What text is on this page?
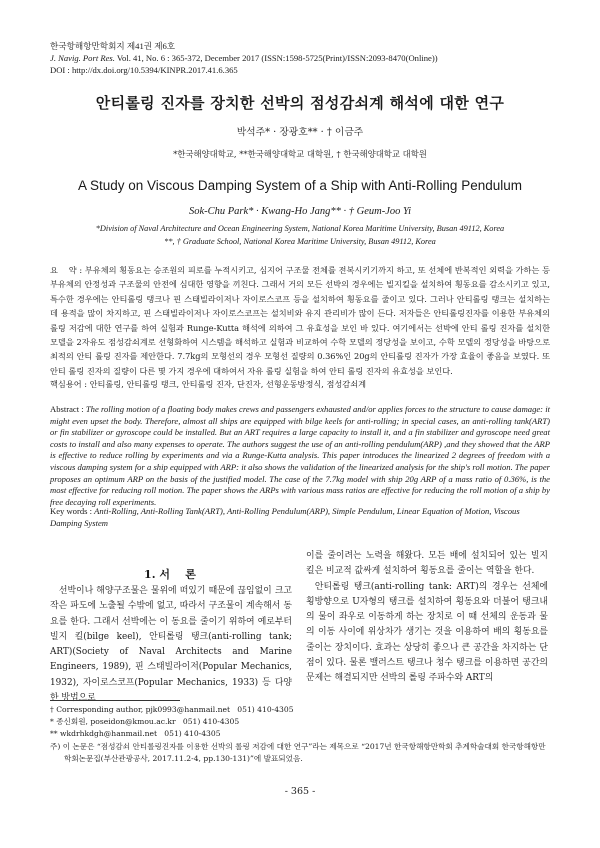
한국항해항만학회지 제41권 제6호
J. Navig. Port Res. Vol. 41, No. 6 : 365-372, December 2017 (ISSN:1598-5725(Print)/ISSN:2093-8470(Online))
DOI : http://dx.doi.org/10.5394/KINPR.2017.41.6.365
안티롤링 진자를 장치한 선박의 점성감쇠계 해석에 대한 연구
박석주* · 장광호** · † 이금주
*한국해양대학교, **한국해양대학교 대학원, † 한국해양대학교 대학원
A Study on Viscous Damping System of a Ship with Anti-Rolling Pendulum
Sok-Chu Park* · Kwang-Ho Jang** · † Geum-Joo Yi
*Division of Naval Architecture and Ocean Engineering System, National Korea Maritime University, Busan 49112, Korea
**, † Graduate School, National Korea Maritime University, Busan 49112, Korea
요    약 : 부유체의 횡동요는 승조원의 피로를 누적시키고, 심지어 구조물 전체를 전복시키기까지 하고, 또 선체에 반복적인 외력을 가하는 등 부유체의 안정성과 구조물의 안전에 심대한 영향을 끼친다. 그래서 거의 모든 선박의 경우에는 빌지킬을 설치하여 횡동요를 감소시키고 있고, 특수한 경우에는 안티롤링 탱크나 핀 스태빌라이저나 자이로스코프 등을 설치하여 횡동요를 줄이고 있다. 그러나 안티롤링 탱크는 설치하는데 용적을 많이 차지하고, 핀 스태빌라이저나 자이로스코프는 설치비와 유지 관리비가 많이 든다. 저자들은 안티롤링진자를 이용한 부유체의 롤링 저감에 대한 연구를 하여 실험과 Runge-Kutta 해석에 의하여 그 유효성을 보인 바 있다. 여기에서는 선박에 안티 롤링 진자를 설치한 모델을 2자유도 점성감쇠계로 선형화하여 시스템을 해석하고 실험과 비교하여 수학 모델의 정당성을 보이고, 수학 모델의 정당성을 바탕으로 최적의 안티 롤링 진자를 제안한다. 7.7kg의 모형선의 경우 모형선 질량의 0.36%인 20g의 안티롤링 진자가 가장 효율이 좋음을 보였다. 또 안티 롤링 진자의 질량이 다른 몇 가지 경우에 대하여서 자유 롤링 실험을 하여 안티 롤링 진자의 유효성을 보인다.
핵심용어 : 안티롤링, 안티롤링 탱크, 안티롤링 진자, 단진자, 선형운동방정식, 점성감쇠계
Abstract : The rolling motion of a floating body makes crews and passengers exhausted and/or applies forces to the structure to cause damage: it might even upset the body. Therefore, almost all ships are equipped with bilge keels for anti-rolling; in special cases, an anti-rolling tank(ART) or fin stabilizer or gyroscope could be installed. But an ART requires a large capacity to install it, and a fin stabilizer and gyroscope need great costs to install and also many expenses to operate. The authors suggest the use of an anti-rolling pendulum(ARP) ,and they showed that the ARP is effective to reduce rolling by experiments and via a Runge-Kutta analysis. This paper introduces the linearized 2 degrees of freedom with a viscous damping system for a ship equipped with ARP: it also shows the validation of the linearized analysis for the ship's roll motion. The paper proposes an optimum ARP on the basis of the justified model. The case of the 7.7kg model with ship 20g ARP of a mass ratio of 0.36%, is the most effective for reducing roll motion. The paper shows the ARPs with various mass ratios are effective for reducing the roll motion of a ship by free decaying roll experiments.
Key words : Anti-Rolling, Anti-Rolling Tank(ART), Anti-Rolling Pendulum(ARP), Simple Pendulum, Linear Equation of Motion, Viscous Damping System
1. 서    론
선박이나 해양구조물은 물위에 떠있기 때문에 끊임없이 크고 작은 파도에 노출될 수밖에 없고, 따라서 구조물이 계속해서 동요를 한다. 그래서 선박에는 이 동요를 줄이기 위하여 예로부터 빌지 킬(bilge keel), 안티롤링 탱크(anti-rolling tank; ART)(Society of Naval Architects and Marine Engineers, 1989), 핀 스태빌라이저(Popular Mechanics, 1932), 자이로스코프(Popular Mechanics, 1933) 등 다양한 방법으로
이를 줄이려는 노력을 해왔다. 모든 배에 설치되어 있는 빌지 킬은 비교적 값싸게 설치하여 횡동요를 줄이는 역할을 한다.
안티롤링 탱크(anti-rolling tank: ART)의 경우는 선체에 횡방향으로 U자형의 탱크를 설치하여 횡동요와 더불어 탱크내의 물이 좌우로 이동하게 하는 장치로 이 때 선체의 운동과 물의 이동 사이에 위상차가 생기는 것을 이용하여 배의 횡동요를 줄이는 장치이다. 효과는 상당히 좋으나 큰 공간을 차지하는 단점이 있다. 물론 밸러스트 탱크나 청수 탱크를 이용하면 공간의 문제는 해결되지만 선박의 롤링 주파수와 ART의
† Corresponding author, pjk0993@hanmail.net   051) 410-4305
* 종신회원, poseidon@kmou.ac.kr   051) 410-4305
** wkdrhkdgh@hanmail.net   051) 410-4305
주) 이 논문은 “점성감쇠 안티롤링진자를 이용한 선박의 롤링 저감에 대한 연구”라는 제목으로 “2017년 한국항해항만학회 추계학술대회 한국항해항만학회논문집(부산관광공사, 2017.11.2-4, pp.130-131)”에 발표되었음.
- 365 -
